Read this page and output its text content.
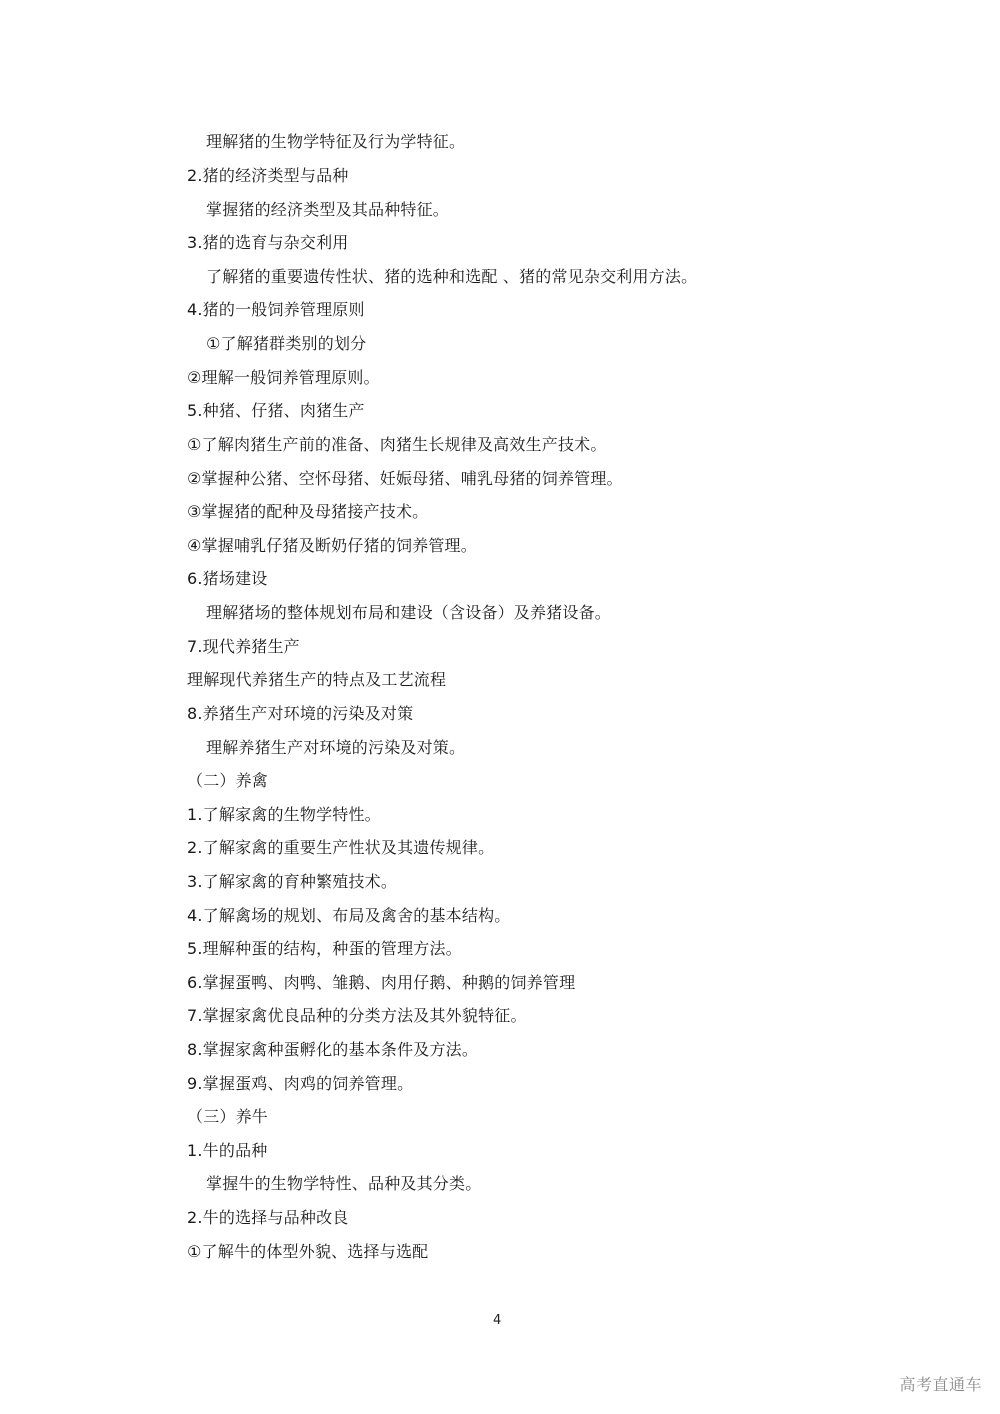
理解猪的生物学特征及行为学特征。
2.猪的经济类型与品种
掌握猪的经济类型及其品种特征。
3.猪的选育与杂交利用
了解猪的重要遗传性状、猪的选种和选配 、猪的常见杂交利用方法。
4.猪的一般饲养管理原则
①了解猪群类别的划分
②理解一般饲养管理原则。
5.种猪、仔猪、肉猪生产
①了解肉猪生产前的准备、肉猪生长规律及高效生产技术。
②掌握种公猪、空怀母猪、妊娠母猪、哺乳母猪的饲养管理。
③掌握猪的配种及母猪接产技术。
④掌握哺乳仔猪及断奶仔猪的饲养管理。
6.猪场建设
理解猪场的整体规划布局和建设（含设备）及养猪设备。
7.现代养猪生产
理解现代养猪生产的特点及工艺流程
8.养猪生产对环境的污染及对策
理解养猪生产对环境的污染及对策。
（二）养禽
1.了解家禽的生物学特性。
2.了解家禽的重要生产性状及其遗传规律。
3.了解家禽的育种繁殖技术。
4.了解禽场的规划、布局及禽舍的基本结构。
5.理解种蛋的结构，种蛋的管理方法。
6.掌握蛋鸭、肉鸭、雏鹅、肉用仔鹅、种鹅的饲养管理
7.掌握家禽优良品种的分类方法及其外貌特征。
8.掌握家禽种蛋孵化的基本条件及方法。
9.掌握蛋鸡、肉鸡的饲养管理。
（三）养牛
1.牛的品种
掌握牛的生物学特性、品种及其分类。
2.牛的选择与品种改良
①了解牛的体型外貌、选择与选配
4
高考直通车
